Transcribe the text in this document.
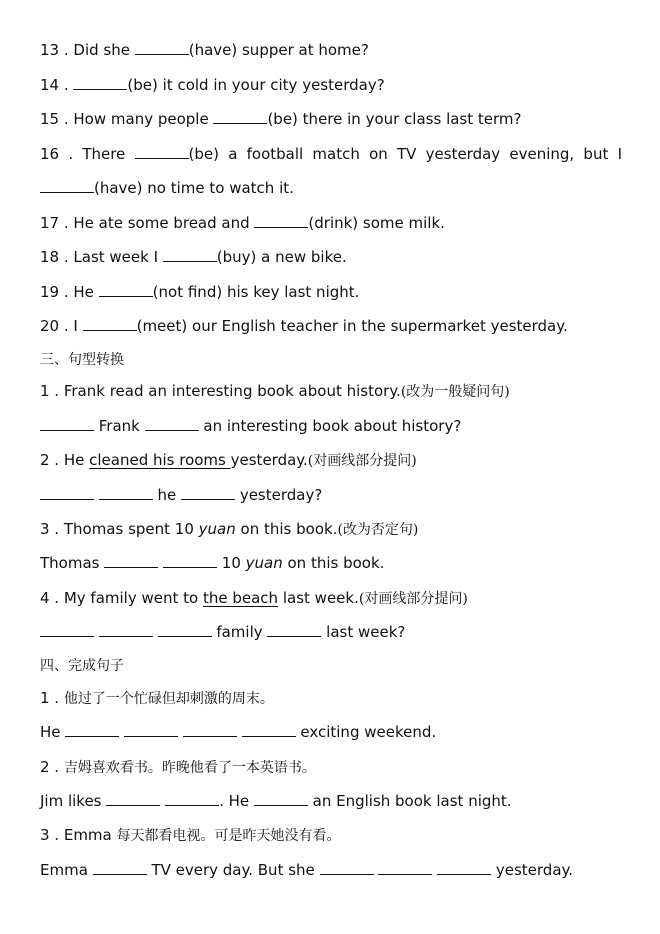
13 . Did she	(have) supper at home?
14 .	(be) it cold in your city yesterday?
15 . How many people	(be) there in your class last term?
16 . There	(be) a football match on TV yesterday evening, but I
(have) no time to watch it.
17 . He ate some bread and	(drink) some milk.
18 . Last week I	(buy) a new bike.
19 . He	(not find) his key last night.
20 . I	(meet) our English teacher in the supermarket yesterday.
三、句型转换
1 . Frank read an interesting book about history.(改为一般疑问句)
Frank	an interesting book about history?
2 . He cleaned his rooms yesterday.(对画线部分提问)
he	yesterday?
3 . Thomas spent 10 yuan on this book.(改为否定句)
Thomas	10 yuan on this book.
4 . My family went to the beach last week.(对画线部分提问)
family	last week?
四、完成句子
1 . 他过了一个忙碌但却刺激的周末。
He	exciting weekend.
2 . 吉姆喜欢看书。昨晚他看了一本英语书。
Jim likes	. He	an English book last night.
3 . Emma 每天都看电视。可是昨天她没有看。
Emma	TV every day. But she	yesterday.
